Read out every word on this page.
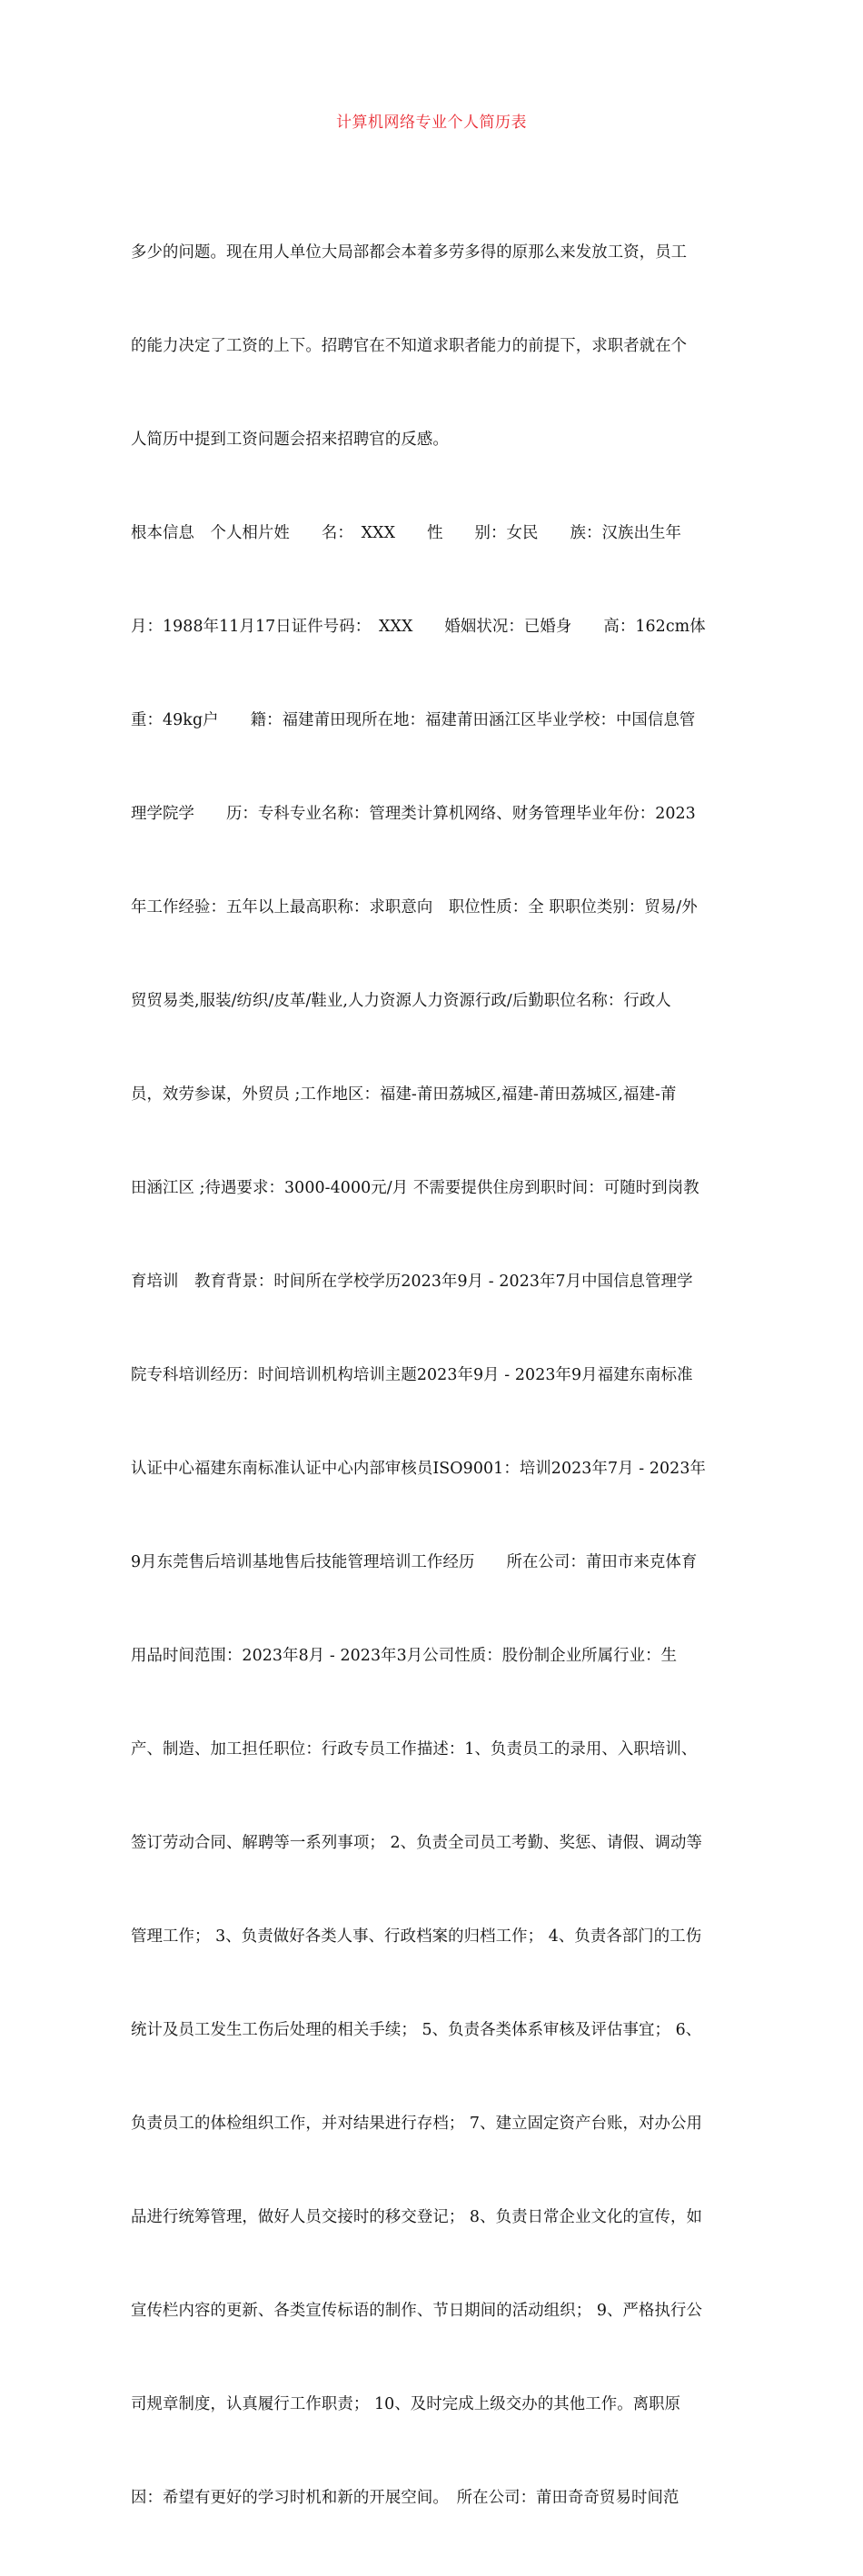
计算机网络专业个人简历表

多少的问题。现在用人单位大局部都会本着多劳多得的原那么来发放工资，员工

的能力决定了工资的上下。招聘官在不知道求职者能力的前提下，求职者就在个

人简历中提到工资问题会招来招聘官的反感。

根本信息　个人相片姓　　名：　XXX　　性　　别：女民　　族：汉族出生年

月：1988年11月17日证件号码：　XXX　　婚姻状况：已婚身　　高：162cm体

重：49kg户　　籍：福建莆田现所在地：福建莆田涵江区毕业学校：中国信息管

理学院学　　历：专科专业名称：管理类计算机网络、财务管理毕业年份：2023

年工作经验：五年以上最高职称：求职意向　职位性质：全 职职位类别：贸易/外

贸贸易类,服装/纺织/皮革/鞋业,人力资源人力资源行政/后勤职位名称：行政人

员，效劳参谋，外贸员 ;工作地区：福建-莆田荔城区,福建-莆田荔城区,福建-莆

田涵江区 ;待遇要求：3000-4000元/月 不需要提供住房到职时间：可随时到岗教

育培训　教育背景：时间所在学校学历2023年9月 - 2023年7月中国信息管理学

院专科培训经历：时间培训机构培训主题2023年9月 - 2023年9月福建东南标准

认证中心福建东南标准认证中心内部审核员ISO9001：培训2023年7月 - 2023年

9月东莞售后培训基地售后技能管理培训工作经历　　所在公司：莆田市来克体育

用品时间范围：2023年8月 - 2023年3月公司性质：股份制企业所属行业：生

产、制造、加工担任职位：行政专员工作描述：1、负责员工的录用、入职培训、

签订劳动合同、解聘等一系列事项； 2、负责全司员工考勤、奖惩、请假、调动等

管理工作； 3、负责做好各类人事、行政档案的归档工作； 4、负责各部门的工伤

统计及员工发生工伤后处理的相关手续； 5、负责各类体系审核及评估事宜； 6、

负责员工的体检组织工作，并对结果进行存档； 7、建立固定资产台账，对办公用

品进行统筹管理，做好人员交接时的移交登记； 8、负责日常企业文化的宣传，如

宣传栏内容的更新、各类宣传标语的制作、节日期间的活动组织； 9、严格执行公

司规章制度，认真履行工作职责； 10、及时完成上级交办的其他工作。离职原

因：希望有更好的学习时机和新的开展空间。　所在公司：莆田奇奇贸易时间范
